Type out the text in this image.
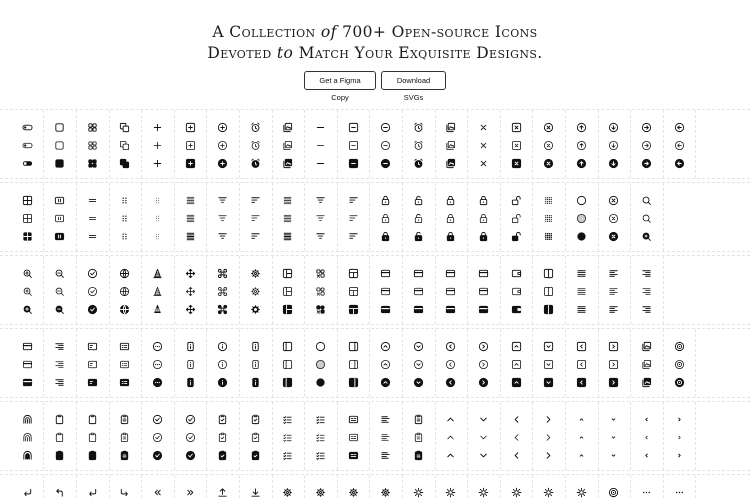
A Collection of 700+ Open-source Icons
Devoted to Match Your Exquisite Designs.
Get a Figma Copy
Download SVGs
